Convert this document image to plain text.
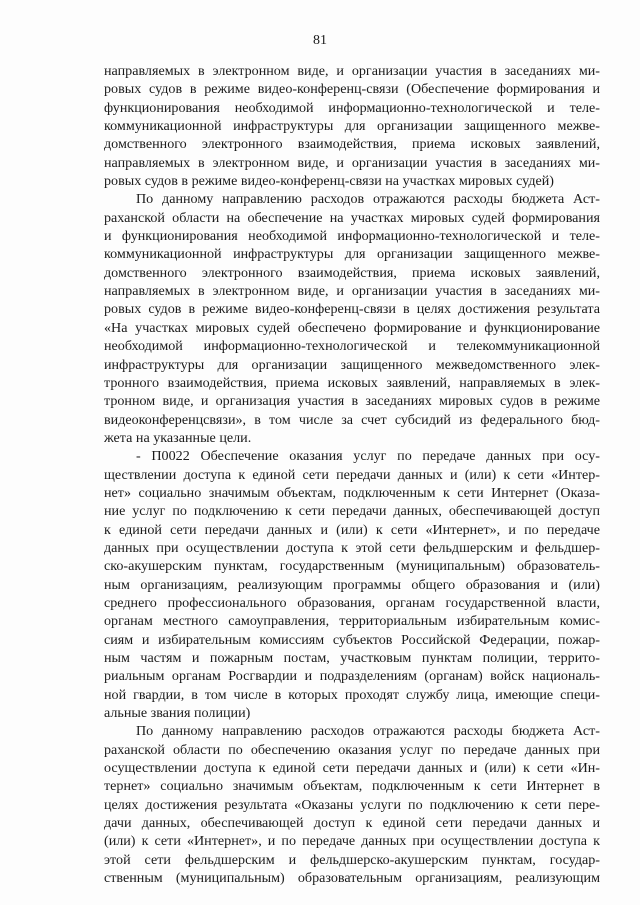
81
направляемых в электронном виде, и организации участия в заседаниях ми-
ровых судов в режиме видео-конференц-связи (Обеспечение формирования и
функционирования необходимой информационно-технологической и теле-
коммуникационной инфраструктуры для организации защищенного межве-
домственного электронного взаимодействия, приема исковых заявлений,
направляемых в электронном виде, и организации участия в заседаниях ми-
ровых судов в режиме видео-конференц-связи на участках мировых судей)
По данному направлению расходов отражаются расходы бюджета Аст-
раханской области на обеспечение на участках мировых судей формирования
и функционирования необходимой информационно-технологической и теле-
коммуникационной инфраструктуры для организации защищенного межве-
домственного электронного взаимодействия, приема исковых заявлений,
направляемых в электронном виде, и организации участия в заседаниях ми-
ровых судов в режиме видео-конференц-связи в целях достижения результата
«На участках мировых судей обеспечено формирование и функционирование
необходимой информационно-технологической и телекоммуникационной
инфраструктуры для организации защищенного межведомственного элек-
тронного взаимодействия, приема исковых заявлений, направляемых в элек-
тронном виде, и организация участия в заседаниях мировых судов в режиме
видеоконференцсвязи», в том числе за счет субсидий из федерального бюд-
жета на указанные цели.
- П0022 Обеспечение оказания услуг по передаче данных при осу-
ществлении доступа к единой сети передачи данных и (или) к сети «Интер-
нет» социально значимым объектам, подключенным к сети Интернет (Оказа-
ние услуг по подключению к сети передачи данных, обеспечивающей доступ
к единой сети передачи данных и (или) к сети «Интернет», и по передаче
данных при осуществлении доступа к этой сети фельдшерским и фельдшер-
ско-акушерским пунктам, государственным (муниципальным) образователь-
ным организациям, реализующим программы общего образования и (или)
среднего профессионального образования, органам государственной власти,
органам местного самоуправления, территориальным избирательным комис-
сиям и избирательным комиссиям субъектов Российской Федерации, пожар-
ным частям и пожарным постам, участковым пунктам полиции, террито-
риальным органам Росгвардии и подразделениям (органам) войск националь-
ной гвардии, в том числе в которых проходят службу лица, имеющие специ-
альные звания полиции)
По данному направлению расходов отражаются расходы бюджета Аст-
раханской области по обеспечению оказания услуг по передаче данных при
осуществлении доступа к единой сети передачи данных и (или) к сети «Ин-
тернет» социально значимым объектам, подключенным к сети Интернет в
целях достижения результата «Оказаны услуги по подключению к сети пере-
дачи данных, обеспечивающей доступ к единой сети передачи данных и
(или) к сети «Интернет», и по передаче данных при осуществлении доступа к
этой сети фельдшерским и фельдшерско-акушерским пунктам, государ-
ственным (муниципальным) образовательным организациям, реализующим
